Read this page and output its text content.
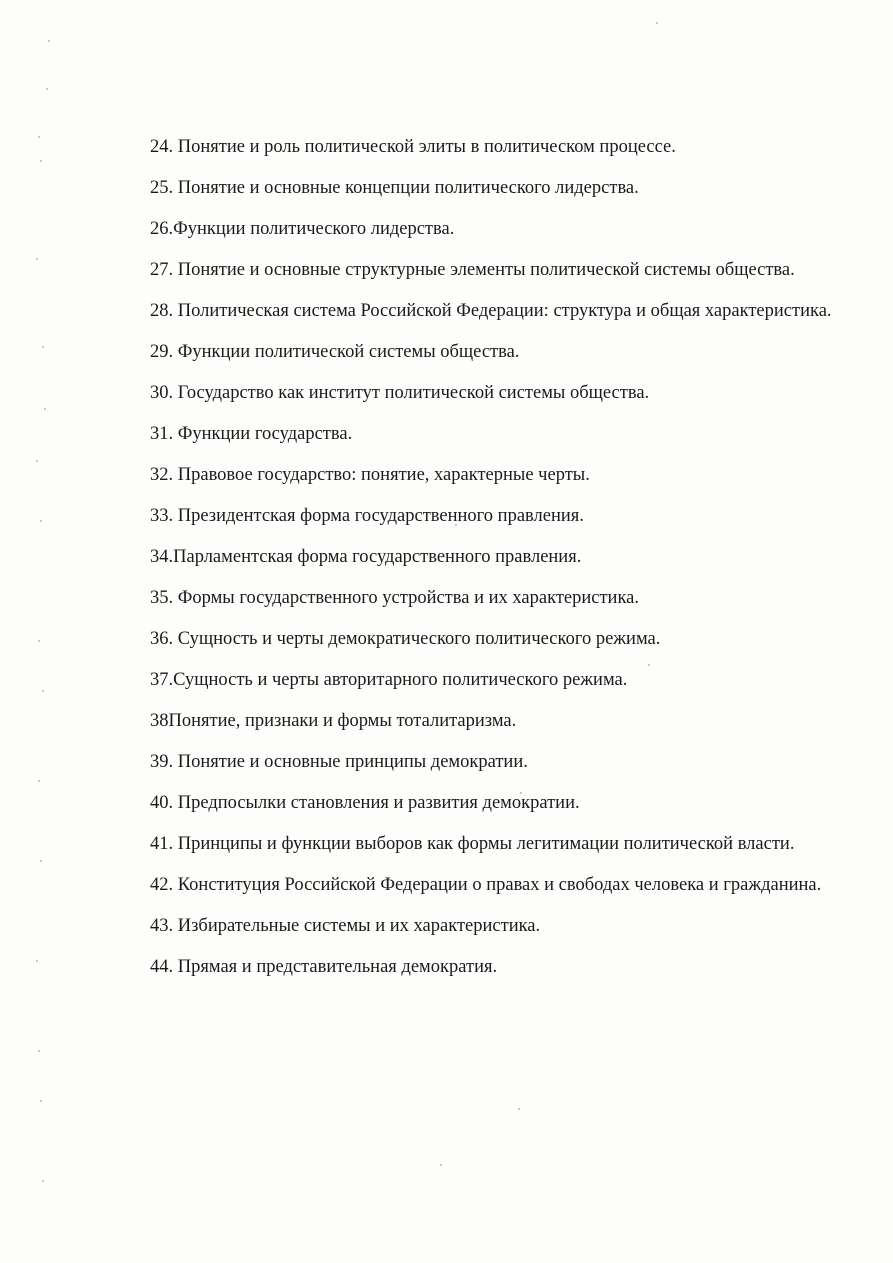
24. Понятие и роль политической элиты в политическом процессе.
25. Понятие и основные концепции политического лидерства.
26.Функции политического лидерства.
27. Понятие и основные структурные элементы политической системы общества.
28. Политическая система Российской Федерации: структура и общая характеристика.
29. Функции политической системы общества.
30. Государство как институт политической системы общества.
31. Функции государства.
32. Правовое государство: понятие, характерные черты.
33. Президентская форма государственного правления.
34.Парламентская форма государственного правления.
35. Формы государственного устройства и их характеристика.
36. Сущность и черты демократического политического режима.
37.Сущность и черты авторитарного политического режима.
38Понятие, признаки и формы тоталитаризма.
39. Понятие и основные принципы демократии.
40. Предпосылки становления и развития демократии.
41. Принципы и функции выборов как формы легитимации политической власти.
42. Конституция Российской Федерации о правах и свободах человека и гражданина.
43. Избирательные системы и их характеристика.
44. Прямая и представительная демократия.
